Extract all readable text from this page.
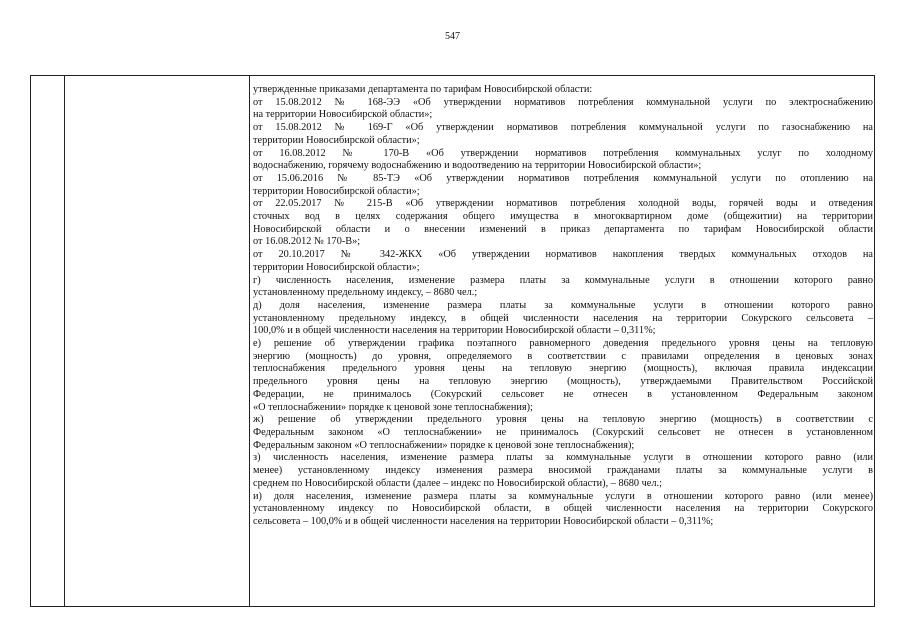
547
утвержденные приказами департамента по тарифам Новосибирской области:
от 15.08.2012 № 168-ЭЭ «Об утверждении нормативов потребления коммунальной услуги по электроснабжению
на территории Новосибирской области»;
от 15.08.2012 № 169-Г «Об утверждении нормативов потребления коммунальной услуги по газоснабжению на
территории Новосибирской области»;
от 16.08.2012 № 170-В «Об утверждении нормативов потребления коммунальных услуг по холодному
водоснабжению, горячему водоснабжению и водоотведению на территории Новосибирской области»;
от 15.06.2016 № 85-ТЭ «Об утверждении нормативов потребления коммунальной услуги по отоплению на
территории Новосибирской области»;
от 22.05.2017 № 215-В «Об утверждении нормативов потребления холодной воды, горячей воды и отведения
сточных вод в целях содержания общего имущества в многоквартирном доме (общежитии) на территории
Новосибирской области и о внесении изменений в приказ департамента по тарифам Новосибирской области
от 16.08.2012 № 170-В»;
от 20.10.2017 № 342-ЖКХ «Об утверждении нормативов накопления твердых коммунальных отходов на
территории Новосибирской области»;
г) численность населения, изменение размера платы за коммунальные услуги в отношении которого равно
установленному предельному индексу, – 8680 чел.;
д) доля населения, изменение размера платы за коммунальные услуги в отношении которого равно
установленному предельному индексу, в общей численности населения на территории Сокурского сельсовета –
100,0% и в общей численности населения на территории Новосибирской области – 0,311%;
е) решение об утверждении графика поэтапного равномерного доведения предельного уровня цены на тепловую
энергию (мощность) до уровня, определяемого в соответствии с правилами определения в ценовых зонах
теплоснабжения предельного уровня цены на тепловую энергию (мощность), включая правила индексации
предельного уровня цены на тепловую энергию (мощность), утверждаемыми Правительством Российской
Федерации, не принималось (Сокурский сельсовет не отнесен в установленном Федеральным законом
«О теплоснабжении» порядке к ценовой зоне теплоснабжения);
ж) решение об утверждении предельного уровня цены на тепловую энергию (мощность) в соответствии с
Федеральным законом «О теплоснабжении» не принималось (Сокурский сельсовет не отнесен в установленном
Федеральным законом «О теплоснабжении» порядке к ценовой зоне теплоснабжения);
з) численность населения, изменение размера платы за коммунальные услуги в отношении которого равно (или
менее) установленному индексу изменения размера вносимой гражданами платы за коммунальные услуги в
среднем по Новосибирской области (далее – индекс по Новосибирской области), – 8680 чел.;
и) доля населения, изменение размера платы за коммунальные услуги в отношении которого равно (или менее)
установленному индексу по Новосибирской области, в общей численности населения на территории Сокурского
сельсовета – 100,0% и в общей численности населения на территории Новосибирской области – 0,311%;
